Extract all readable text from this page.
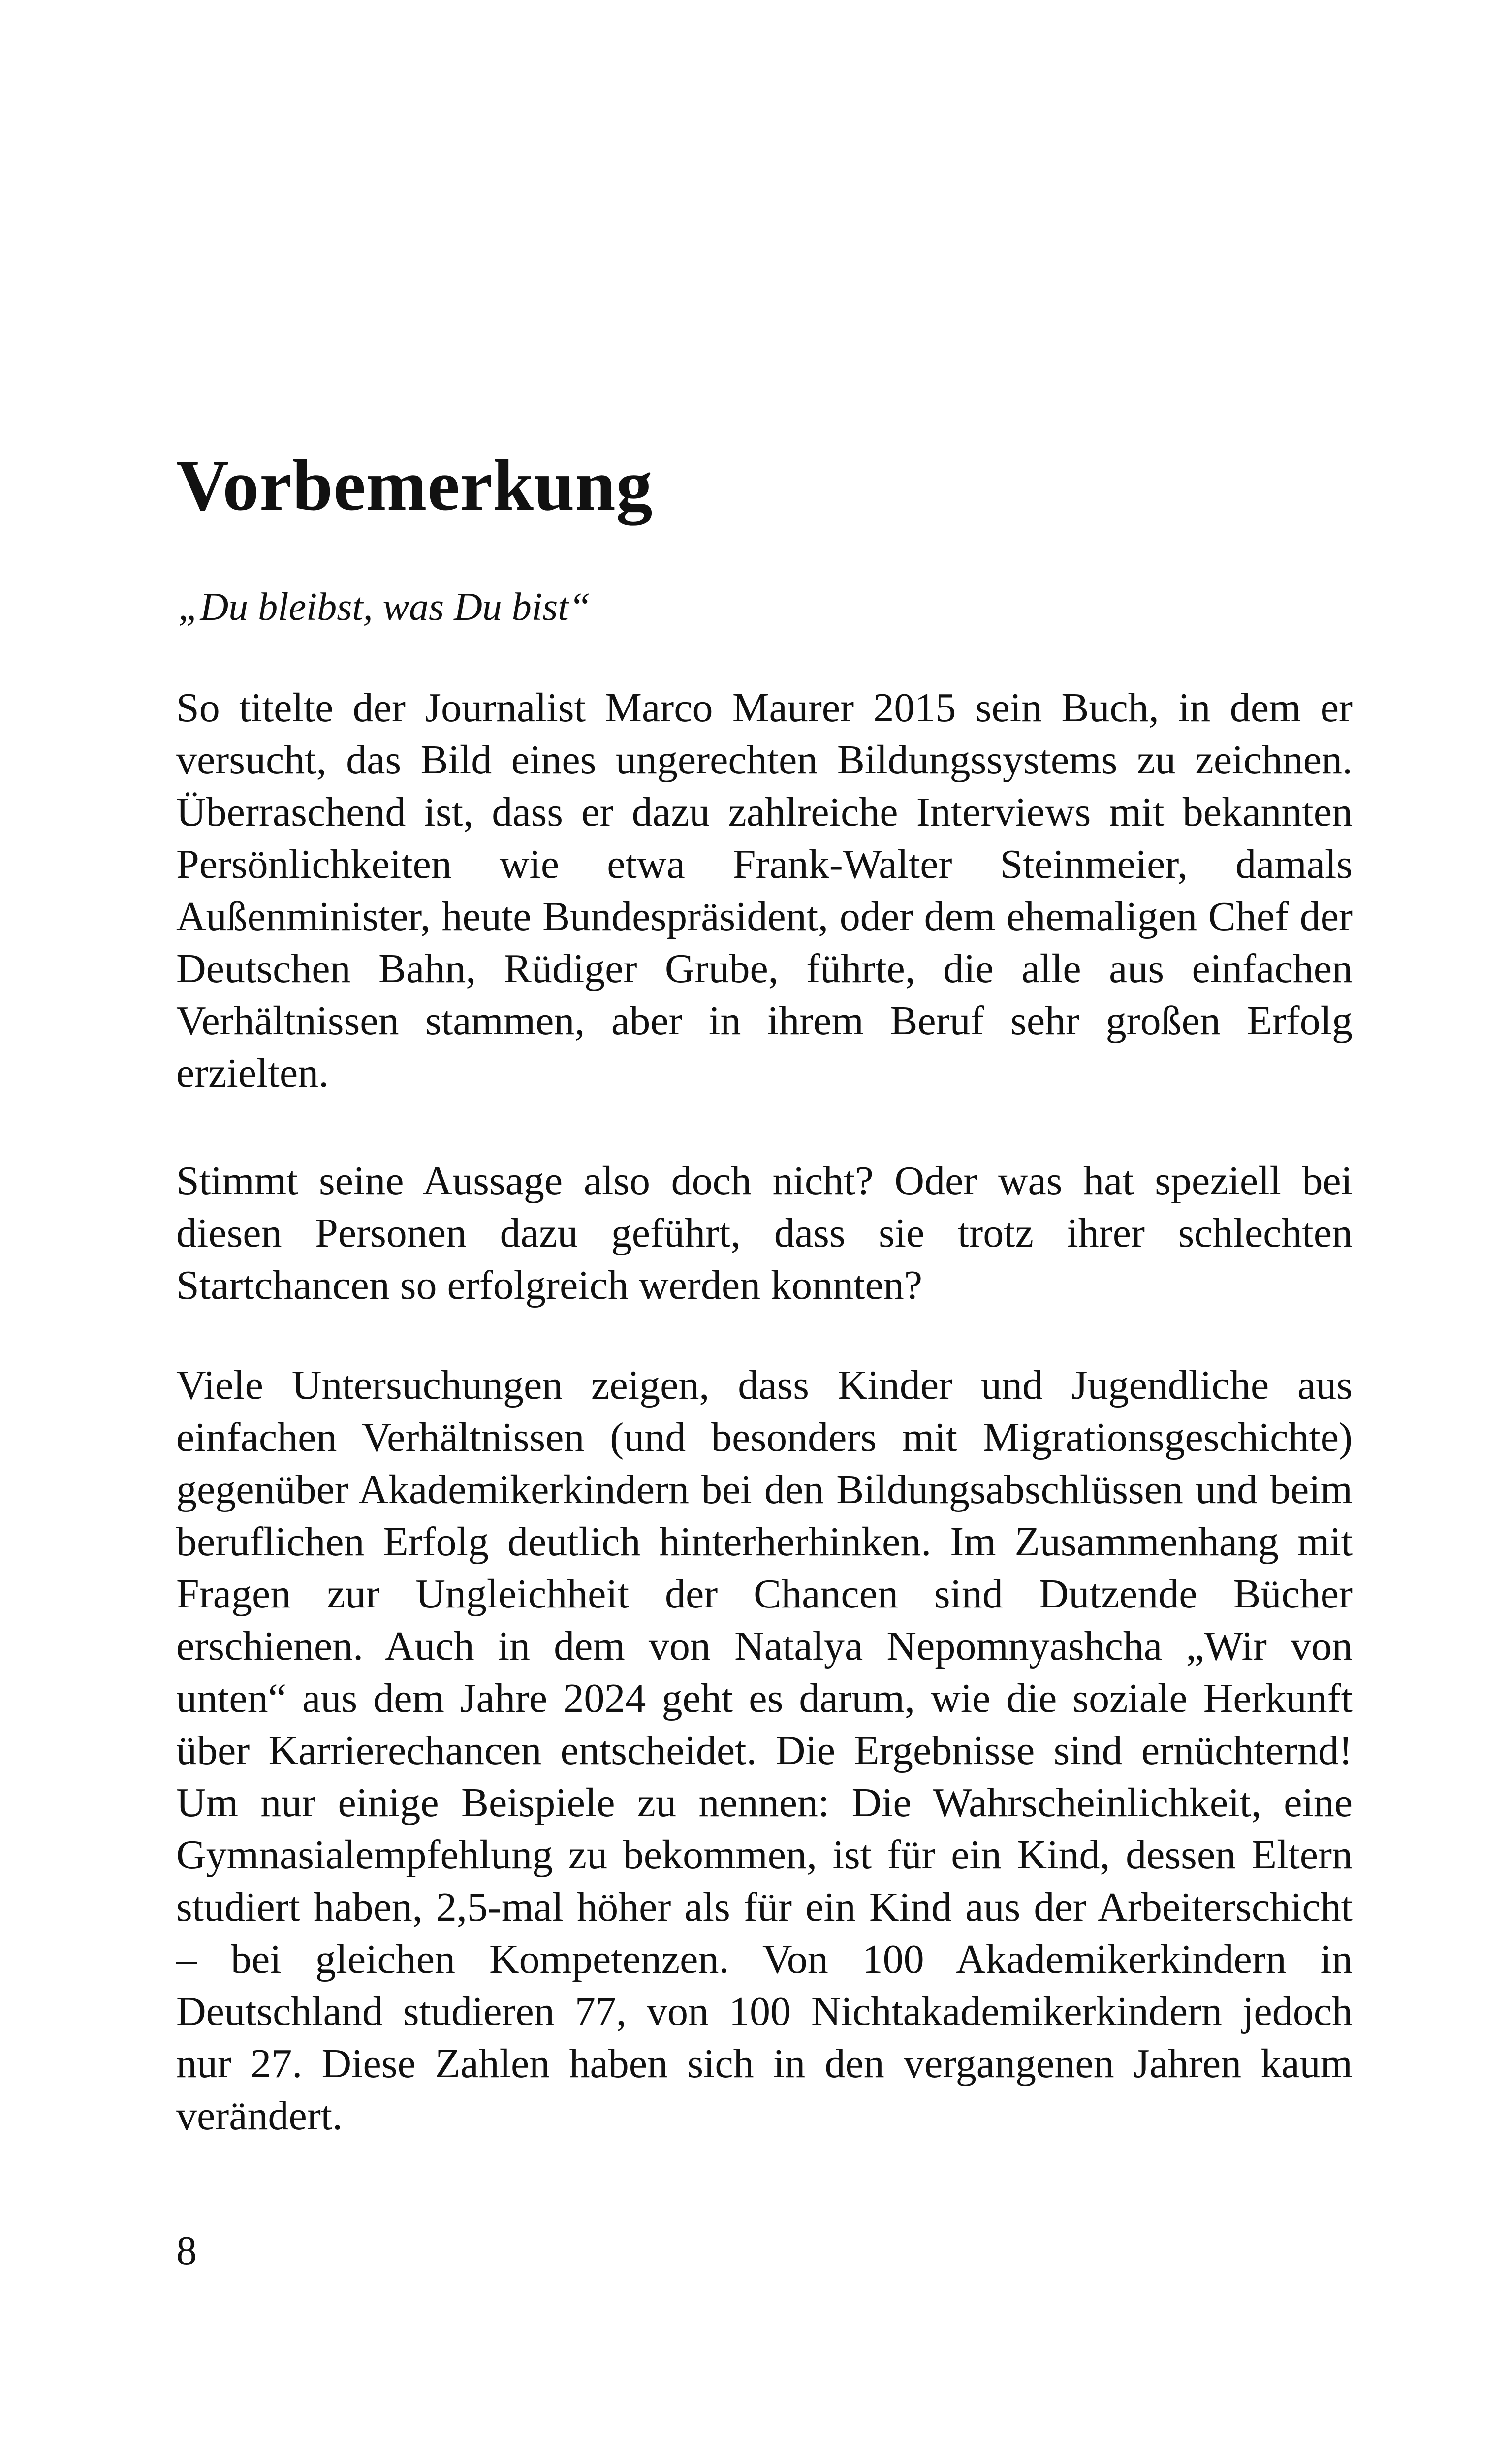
Vorbemerkung

„Du bleibst, was Du bist“

So titelte der Journalist Marco Maurer 2015 sein Buch, in dem er versucht, das Bild eines ungerechten Bildungssystems zu zeichnen. Überraschend ist, dass er dazu zahlreiche Interviews mit bekannten Persönlichkeiten wie etwa Frank-Walter Steinmeier, damals Außenminister, heute Bundespräsident, oder dem ehemaligen Chef der Deutschen Bahn, Rüdiger Grube, führte, die alle aus einfachen Verhältnissen stammen, aber in ihrem Beruf sehr großen Erfolg erzielten.

Stimmt seine Aussage also doch nicht? Oder was hat speziell bei diesen Personen dazu geführt, dass sie trotz ihrer schlechten Startchancen so erfolgreich werden konnten?

Viele Untersuchungen zeigen, dass Kinder und Jugendliche aus einfachen Verhältnissen (und besonders mit Migrationsgeschichte) gegenüber Akademikerkindern bei den Bildungsabschlüssen und beim beruflichen Erfolg deutlich hinterherhinken. Im Zusammenhang mit Fragen zur Ungleichheit der Chancen sind Dutzende Bücher erschienen. Auch in dem von Natalya Nepomnyashcha „Wir von unten“ aus dem Jahre 2024 geht es darum, wie die soziale Herkunft über Karrierechancen entscheidet. Die Ergebnisse sind ernüchternd! Um nur einige Beispiele zu nennen: Die Wahrscheinlichkeit, eine Gymnasialempfehlung zu bekommen, ist für ein Kind, dessen Eltern studiert haben, 2,5-mal höher als für ein Kind aus der Arbeiterschicht – bei gleichen Kompetenzen. Von 100 Akademikerkindern in Deutschland studieren 77, von 100 Nichtakademikerkindern jedoch nur 27. Diese Zahlen haben sich in den vergangenen Jahren kaum verändert.

8
